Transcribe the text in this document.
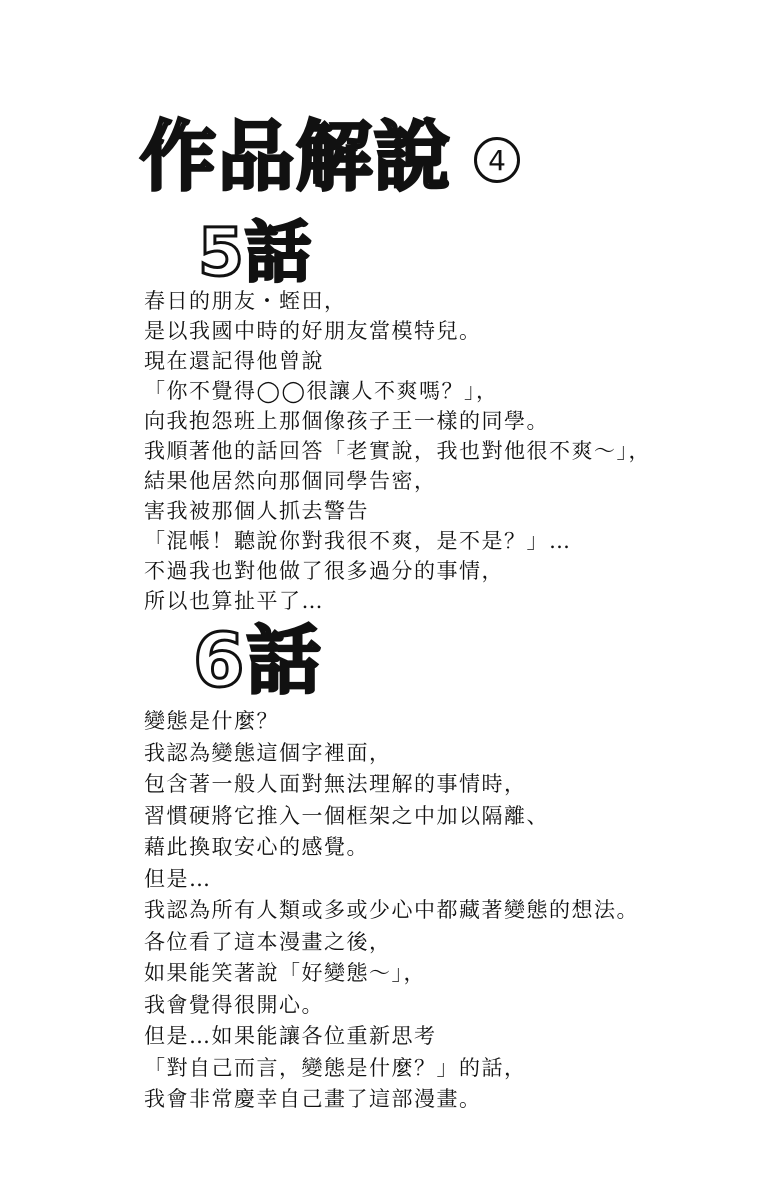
作品解說	4
5話
春日的朋友・蛭田，
是以我國中時的好朋友當模特兒。
現在還記得他曾說
「你不覺得◯◯很讓人不爽嗎？」，
向我抱怨班上那個像孩子王一樣的同學。
我順著他的話回答「老實說，我也對他很不爽～」，
結果他居然向那個同學告密，
害我被那個人抓去警告
「混帳！聽說你對我很不爽，是不是？」…
不過我也對他做了很多過分的事情，
所以也算扯平了…
6話
變態是什麼？
我認為變態這個字裡面，
包含著一般人面對無法理解的事情時，
習慣硬將它推入一個框架之中加以隔離、
藉此換取安心的感覺。
但是…
我認為所有人類或多或少心中都藏著變態的想法。
各位看了這本漫畫之後，
如果能笑著說「好變態～」，
我會覺得很開心。
但是…如果能讓各位重新思考
「對自己而言，變態是什麼？」的話，
我會非常慶幸自己畫了這部漫畫。
